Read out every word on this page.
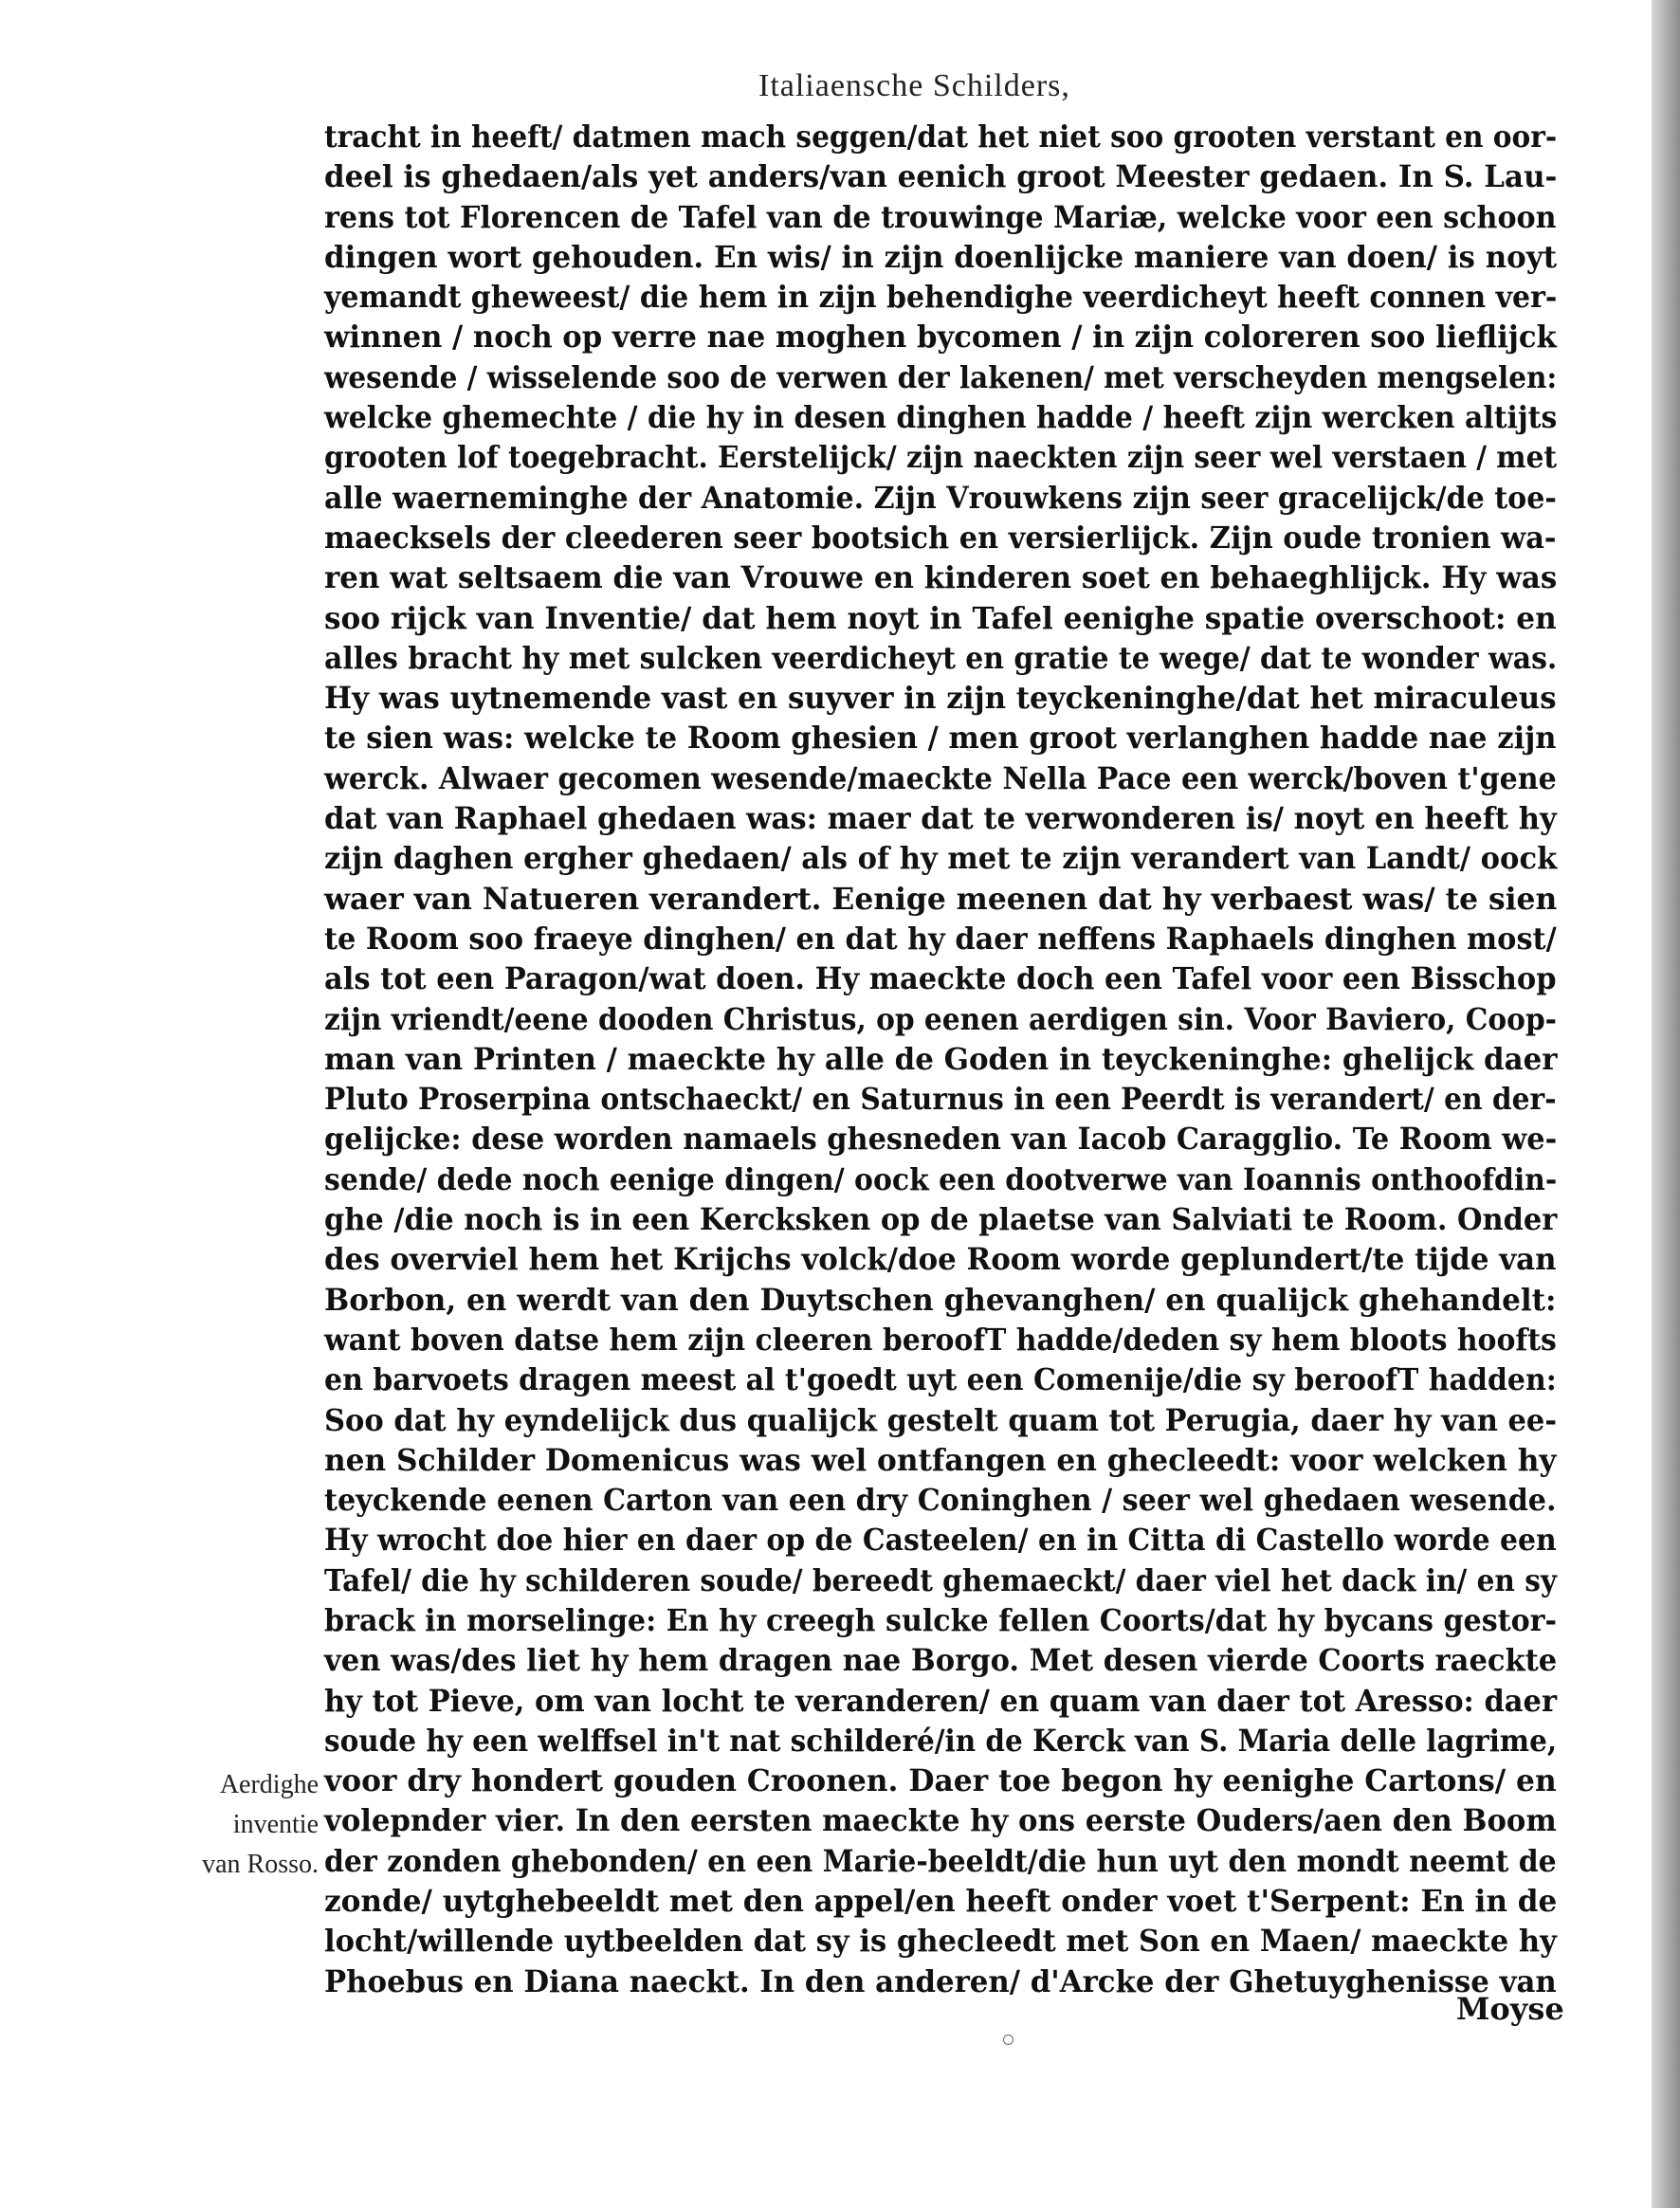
Italiaensche Schilders,
tracht in heeft/ datmen mach seggen/dat het niet soo grooten verstant en oor-
deel is ghedaen/als yet anders/van eenich groot Meester gedaen. In S. Lau-
rens tot Florencen de Tafel van de trouwinge Mariæ, welcke voor een schoon
dingen wort gehouden. En wis/ in zijn doenlijcke maniere van doen/ is noyt
yemandt gheweest/ die hem in zijn behendighe veerdicheyt heeft connen ver-
winnen / noch op verre nae moghen bycomen / in zijn coloreren soo lieflijck
wesende / wisselende soo de verwen der lakenen/ met verscheyden mengselen:
welcke ghemechte / die hy in desen dinghen hadde / heeft zijn wercken altijts
grooten lof toegebracht. Eerstelijck/ zijn naeckten zijn seer wel verstaen / met
alle waerneminghe der Anatomie. Zijn Vrouwkens zijn seer gracelijck/de toe-
maecksels der cleederen seer bootsich en versierlijck. Zijn oude tronien wa-
ren wat seltsaem die van Vrouwe en kinderen soet en behaeghlijck. Hy was
soo rijck van Inventie/ dat hem noyt in Tafel eenighe spatie overschoot: en
alles bracht hy met sulcken veerdicheyt en gratie te wege/ dat te wonder was.
Hy was uytnemende vast en suyver in zijn teyckeninghe/dat het miraculeus
te sien was: welcke te Room ghesien / men groot verlanghen hadde nae zijn
werck. Alwaer gecomen wesende/maeckte Nella Pace een werck/boven t'gene
dat van Raphael ghedaen was: maer dat te verwonderen is/ noyt en heeft hy
zijn daghen ergher ghedaen/ als of hy met te zijn verandert van Landt/ oock
waer van Natueren verandert. Eenige meenen dat hy verbaest was/ te sien
te Room soo fraeye dinghen/ en dat hy daer neffens Raphaels dinghen most/
als tot een Paragon/wat doen. Hy maeckte doch een Tafel voor een Bisschop
zijn vriendt/eene dooden Christus, op eenen aerdigen sin. Voor Baviero, Coop-
man van Printen / maeckte hy alle de Goden in teyckeninghe: ghelijck daer
Pluto Proserpina ontschaeckt/ en Saturnus in een Peerdt is verandert/ en der-
gelijcke: dese worden namaels ghesneden van Iacob Caragglio. Te Room we-
sende/ dede noch eenige dingen/ oock een dootverwe van Ioannis onthoofdin-
ghe /die noch is in een Kercksken op de plaetse van Salviati te Room. Onder
des overviel hem het Krijchs volck/doe Room worde geplundert/te tijde van
Borbon, en werdt van den Duytschen ghevanghen/ en qualijck ghehandelt:
want boven datse hem zijn cleeren beroofT hadde/deden sy hem bloots hoofts
en barvoets dragen meest al t'goedt uyt een Comenije/die sy beroofT hadden:
Soo dat hy eyndelijck dus qualijck gestelt quam tot Perugia, daer hy van ee-
nen Schilder Domenicus was wel ontfangen en ghecleedt: voor welcken hy
teyckende eenen Carton van een dry Coninghen / seer wel ghedaen wesende.
Hy wrocht doe hier en daer op de Casteelen/ en in Citta di Castello worde een
Tafel/ die hy schilderen soude/ bereedt ghemaeckt/ daer viel het dack in/ en sy
brack in morselinge: En hy creegh sulcke fellen Coorts/dat hy bycans gestor-
ven was/des liet hy hem dragen nae Borgo. Met desen vierde Coorts raeckte
hy tot Pieve, om van locht te veranderen/ en quam van daer tot Aresso: daer
soude hy een welffsel in't nat schilderé/in de Kerck van S. Maria delle lagrime,
voor dry hondert gouden Croonen. Daer toe begon hy eenighe Cartons/ en
volepnder vier. In den eersten maeckte hy ons eerste Ouders/aen den Boom
der zonden ghebonden/ en een Marie-beeldt/die hun uyt den mondt neemt de
zonde/ uytghebeeldt met den appel/en heeft onder voet t'Serpent: En in de
locht/willende uytbeelden dat sy is ghecleedt met Son en Maen/ maeckte hy
Phoebus en Diana naeckt. In den anderen/ d'Arcke der Ghetuyghenisse van
Aerdighe
inventie
van Rosso.
Moyse
